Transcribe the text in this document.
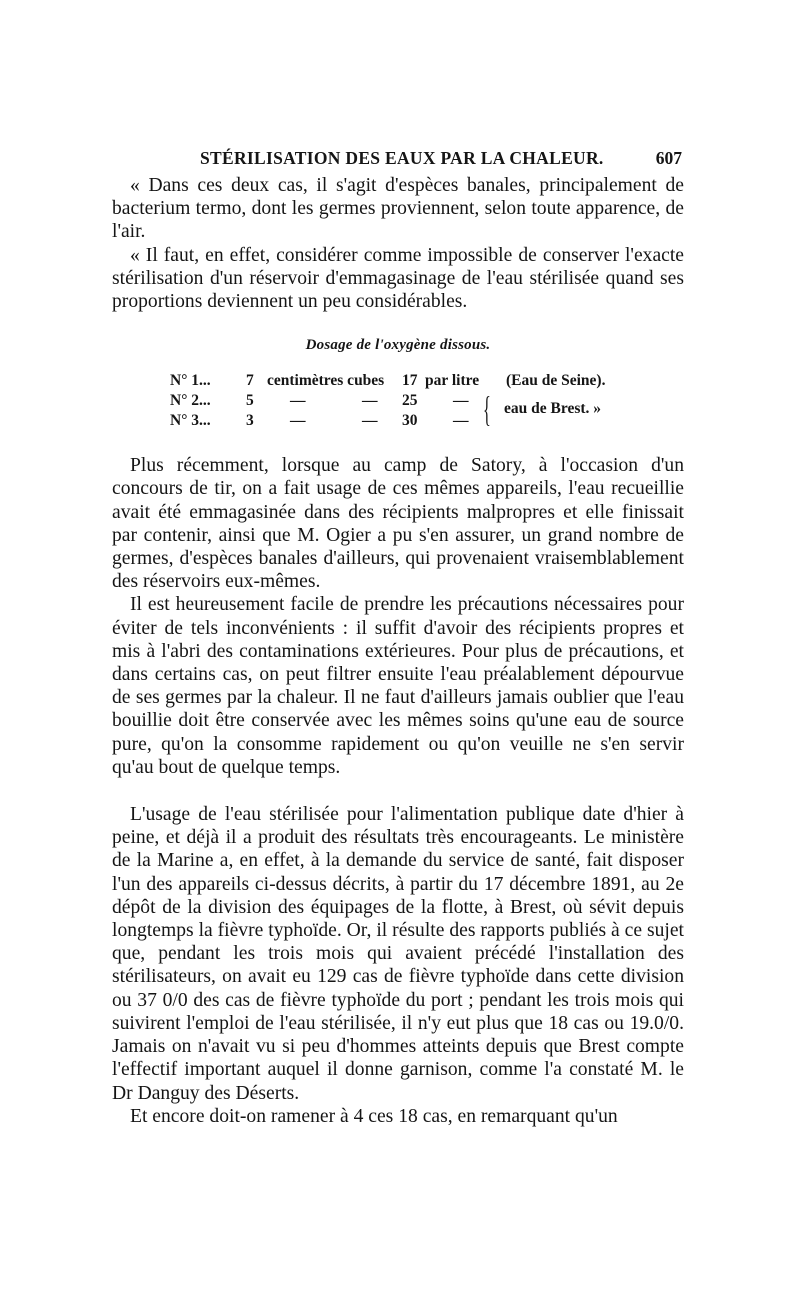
STÉRILISATION DES EAUX PAR LA CHALEUR.	607

« Dans ces deux cas, il s'agit d'espèces banales, principalement de bacterium termo, dont les germes proviennent, selon toute apparence, de l'air.

« Il faut, en effet, considérer comme impossible de conserver l'exacte stérilisation d'un réservoir d'emmagasinage de l'eau stérilisée quand ses proportions deviennent un peu considérables.

Dosage de l'oxygène dissous.
N° 1... 7 centimètres cubes 17 par litre (Eau de Seine).
N° 2... 5 —	— 25 —
N° 3... 3 —	— 30 — { eau de Brest. »

Plus récemment, lorsque au camp de Satory, à l'occasion d'un concours de tir, on a fait usage de ces mêmes appareils, l'eau recueillie avait été emmagasinée dans des récipients malpropres et elle finissait par contenir, ainsi que M. Ogier a pu s'en assurer, un grand nombre de germes, d'espèces banales d'ailleurs, qui provenaient vraisemblablement des réservoirs eux-mêmes.

Il est heureusement facile de prendre les précautions nécessaires pour éviter de tels inconvénients : il suffit d'avoir des récipients propres et mis à l'abri des contaminations extérieures. Pour plus de précautions, et dans certains cas, on peut filtrer ensuite l'eau préalablement dépourvue de ses germes par la chaleur. Il ne faut d'ailleurs jamais oublier que l'eau bouillie doit être conservée avec les mêmes soins qu'une eau de source pure, qu'on la consomme rapidement ou qu'on veuille ne s'en servir qu'au bout de quelque temps.

L'usage de l'eau stérilisée pour l'alimentation publique date d'hier à peine, et déjà il a produit des résultats très encourageants. Le ministère de la Marine a, en effet, à la demande du service de santé, fait disposer l'un des appareils ci-dessus décrits, à partir du 17 décembre 1891, au 2e dépôt de la division des équipages de la flotte, à Brest, où sévit depuis longtemps la fièvre typhoïde. Or, il résulte des rapports publiés à ce sujet que, pendant les trois mois qui avaient précédé l'installation des stérilisateurs, on avait eu 129 cas de fièvre typhoïde dans cette division ou 37 0/0 des cas de fièvre typhoïde du port ; pendant les trois mois qui suivirent l'emploi de l'eau stérilisée, il n'y eut plus que 18 cas ou 19.0/0. Jamais on n'avait vu si peu d'hommes atteints depuis que Brest compte l'effectif important auquel il donne garnison, comme l'a constaté M. le Dr Danguy des Déserts.

Et encore doit-on ramener à 4 ces 18 cas, en remarquant qu'un
